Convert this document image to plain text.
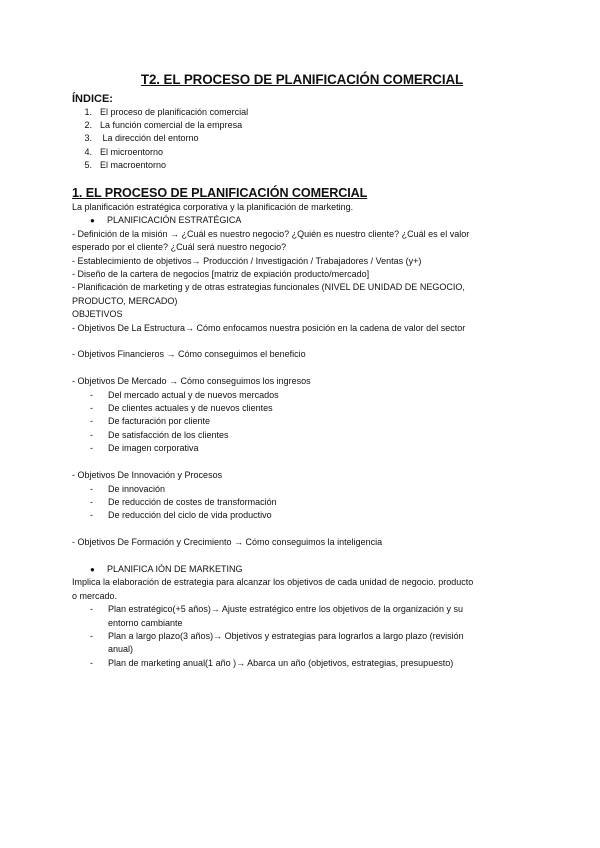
T2. EL PROCESO DE PLANIFICACIÓN COMERCIAL
ÍNDICE:
1. El proceso de planificación comercial
2. La función comercial de la empresa
3. La dirección del entorno
4. El microentorno
5. El macroentorno
1. EL PROCESO DE PLANIFICACIÓN COMERCIAL
La planificación estratégica corporativa y la planificación de marketing.
●	PLANIFICACIÓN ESTRATÉGICA
- Definición de la misión → ¿Cuál es nuestro negocio? ¿Quién es nuestro cliente? ¿Cuál es el valor
esperado por el cliente? ¿Cuál será nuestro negocio?
- Establecimiento de objetivos→ Producción / Investigación / Trabajadores / Ventas (y+)
- Diseño de la cartera de negocios [matriz de expiación producto/mercado]
- Planificación de marketing y de otras estrategias funcionales (NIVEL DE UNIDAD DE NEGOCIO,
PRODUCTO, MERCADO)
OBJETIVOS
- Objetivos De La Estructura→ Cómo enfocamos nuestra posición en la cadena de valor del sector
- Objetivos Financieros → Cómo conseguimos el beneficio
- Objetivos De Mercado → Cómo conseguimos los ingresos
-	Del mercado actual y de nuevos mercados
-	De clientes actuales y de nuevos clientes
-	De facturación por cliente
-	De satisfacción de los clientes
-	De imagen corporativa
- Objetivos De Innovación y Procesos
-	De innovación
-	De reducción de costes de transformación
-	De reducción del ciclo de vida productivo
- Objetivos De Formación y Crecimiento → Cómo conseguimos la inteligencia
●	PLANIFICA IÓN DE MARKETING
Implica la elaboración de estrategia para alcanzar los objetivos de cada unidad de negocio. producto
o mercado.
-	Plan estratégico(+5 años)→ Ajuste estratégico entre los objetivos de la organización y su
entorno cambiante
-	Plan a largo plazo(3 años)→ Objetivos y estrategias para lograrlos a largo plazo (revisión
anual)
-	Plan de marketing anual(1 año )→ Abarca un año (objetivos, estrategias, presupuesto)
